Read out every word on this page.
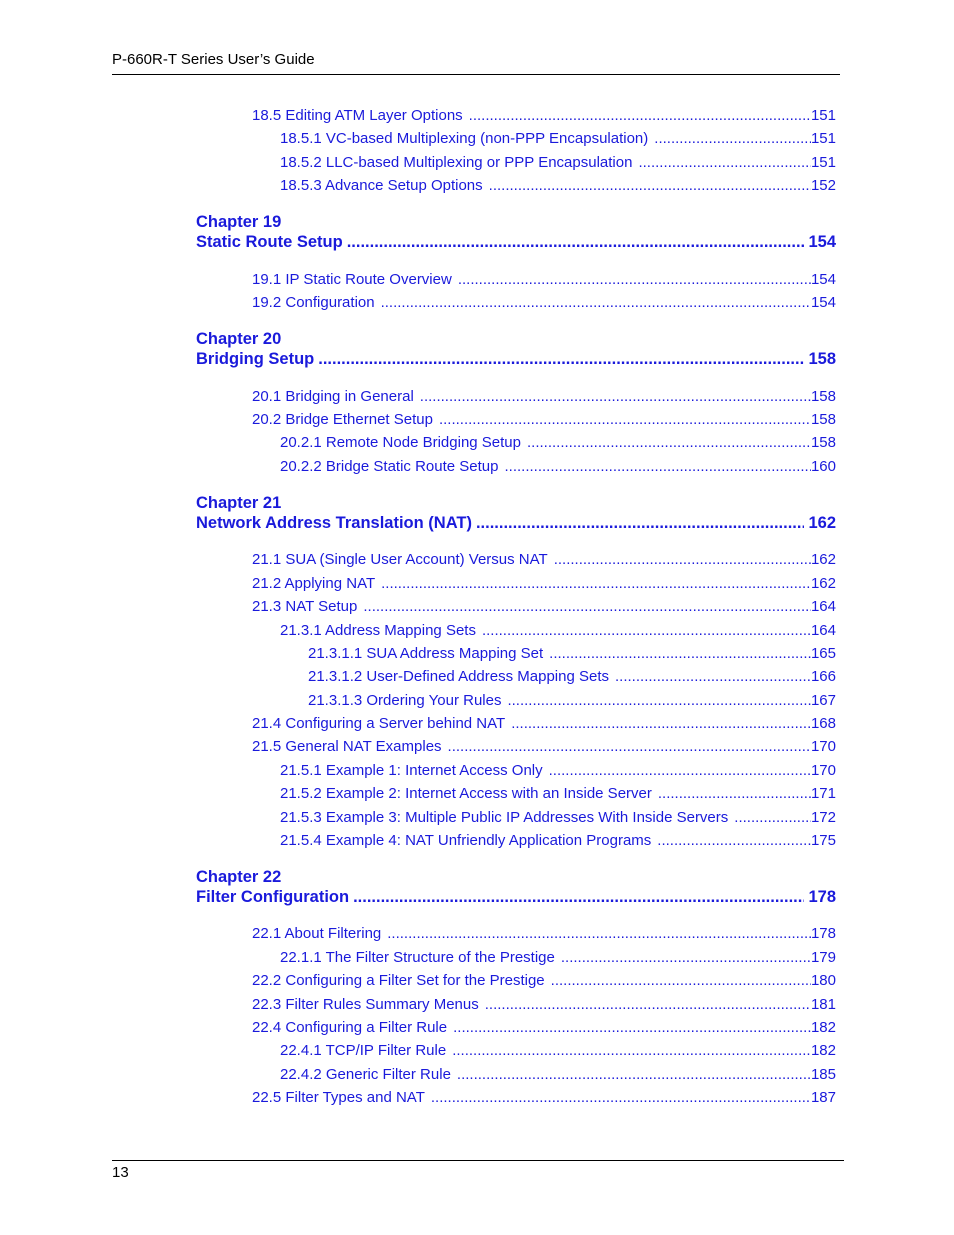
P-660R-T Series User’s Guide
18.5 Editing ATM Layer Options .....	151
18.5.1 VC-based Multiplexing (non-PPP Encapsulation) .....	151
18.5.2 LLC-based Multiplexing or PPP Encapsulation .....	151
18.5.3 Advance Setup Options .....	152
Chapter 19
Static Route Setup .....	154
19.1 IP Static Route Overview .....	154
19.2 Configuration .....	154
Chapter 20
Bridging Setup .....	158
20.1 Bridging in General .....	158
20.2 Bridge Ethernet Setup .....	158
20.2.1 Remote Node Bridging Setup .....	158
20.2.2 Bridge Static Route Setup .....	160
Chapter 21
Network Address Translation (NAT) .....	162
21.1 SUA (Single User Account) Versus NAT .....	162
21.2 Applying NAT .....	162
21.3 NAT Setup .....	164
21.3.1 Address Mapping Sets .....	164
21.3.1.1 SUA Address Mapping Set .....	165
21.3.1.2 User-Defined Address Mapping Sets .....	166
21.3.1.3 Ordering Your Rules .....	167
21.4 Configuring a Server behind NAT .....	168
21.5 General NAT Examples .....	170
21.5.1 Example 1: Internet Access Only .....	170
21.5.2 Example 2: Internet Access with an Inside Server .....	171
21.5.3 Example 3: Multiple Public IP Addresses With Inside Servers .....	172
21.5.4 Example 4: NAT Unfriendly Application Programs .....	175
Chapter 22
Filter Configuration .....	178
22.1 About Filtering .....	178
22.1.1 The Filter Structure of the Prestige .....	179
22.2 Configuring a Filter Set for the Prestige .....	180
22.3 Filter Rules Summary Menus .....	181
22.4 Configuring a Filter Rule .....	182
22.4.1 TCP/IP Filter Rule .....	182
22.4.2 Generic Filter Rule .....	185
22.5 Filter Types and NAT .....	187
13
